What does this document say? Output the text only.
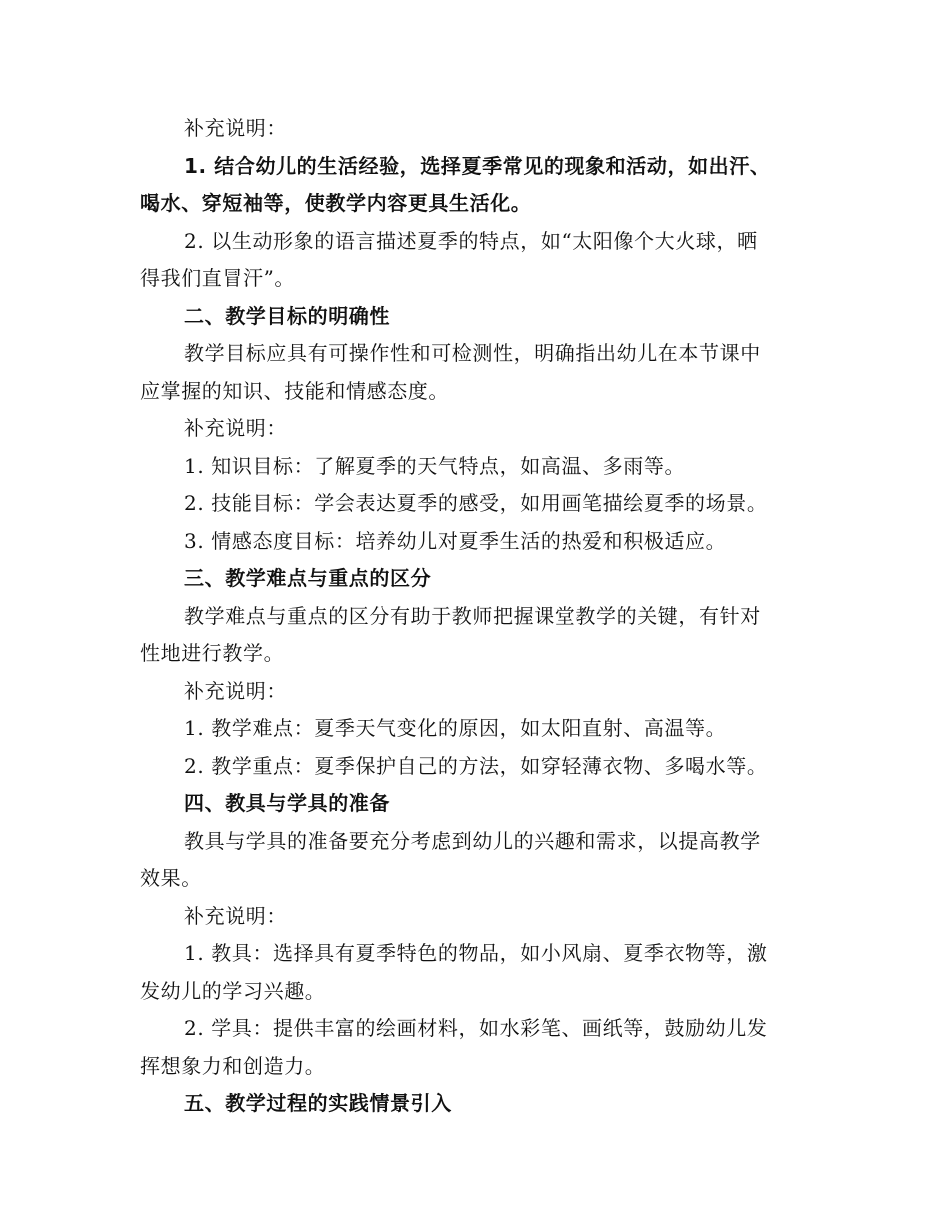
补充说明：
1. 结合幼儿的生活经验，选择夏季常见的现象和活动，如出汗、
喝水、穿短袖等，使教学内容更具生活化。
2. 以生动形象的语言描述夏季的特点，如“太阳像个大火球，晒
得我们直冒汗”。
二、教学目标的明确性
教学目标应具有可操作性和可检测性，明确指出幼儿在本节课中
应掌握的知识、技能和情感态度。
补充说明：
1. 知识目标：了解夏季的天气特点，如高温、多雨等。
2. 技能目标：学会表达夏季的感受，如用画笔描绘夏季的场景。
3. 情感态度目标：培养幼儿对夏季生活的热爱和积极适应。
三、教学难点与重点的区分
教学难点与重点的区分有助于教师把握课堂教学的关键，有针对
性地进行教学。
补充说明：
1. 教学难点：夏季天气变化的原因，如太阳直射、高温等。
2. 教学重点：夏季保护自己的方法，如穿轻薄衣物、多喝水等。
四、教具与学具的准备
教具与学具的准备要充分考虑到幼儿的兴趣和需求，以提高教学
效果。
补充说明：
1. 教具：选择具有夏季特色的物品，如小风扇、夏季衣物等，激
发幼儿的学习兴趣。
2. 学具：提供丰富的绘画材料，如水彩笔、画纸等，鼓励幼儿发
挥想象力和创造力。
五、教学过程的实践情景引入
